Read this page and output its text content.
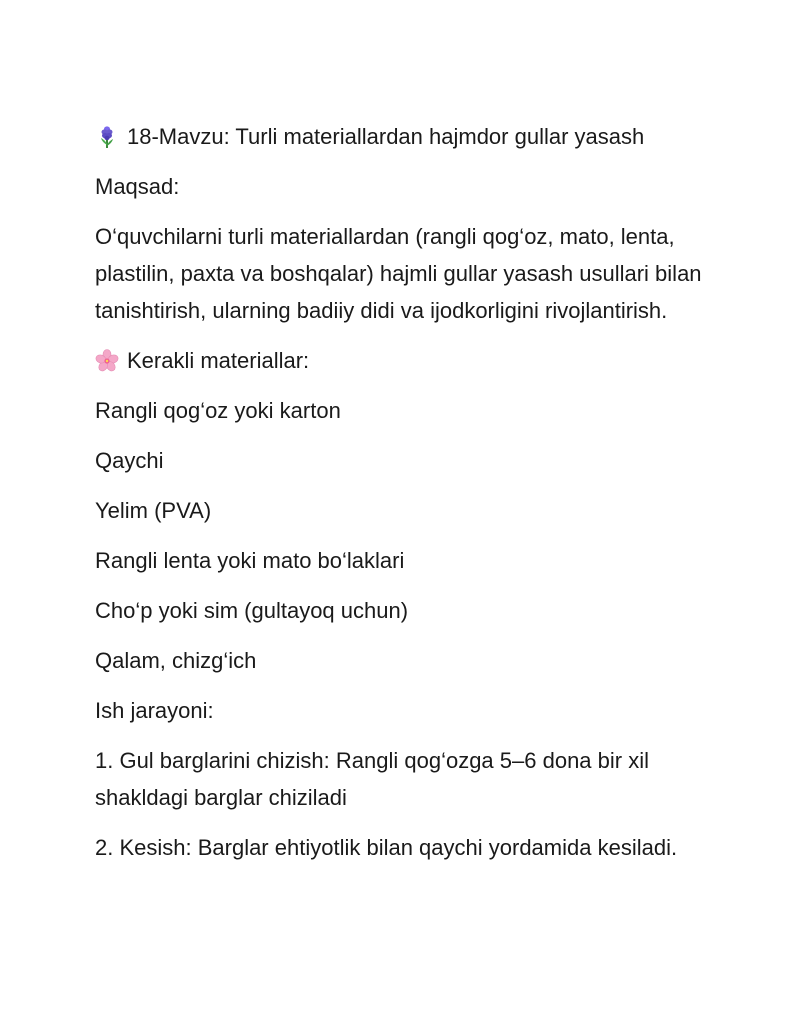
18-Mavzu: Turli materiallardan hajmdor gullar yasash

Maqsad:

O‘quvchilarni turli materiallardan (rangli qog‘oz, mato, lenta, plastilin, paxta va boshqalar) hajmli gullar yasash usullari bilan tanishtirish, ularning badiiy didi va ijodkorligini rivojlantirish.

Kerakli materiallar:

Rangli qog‘oz yoki karton

Qaychi

Yelim (PVA)

Rangli lenta yoki mato bo‘laklari

Cho‘p yoki sim (gultayoq uchun)

Qalam, chizg‘ich

Ish jarayoni:

1. Gul barglarini chizish: Rangli qog‘ozga 5–6 dona bir xil shakldagi barglar chiziladi

2. Kesish: Barglar ehtiyotlik bilan qaychi yordamida kesiladi.
